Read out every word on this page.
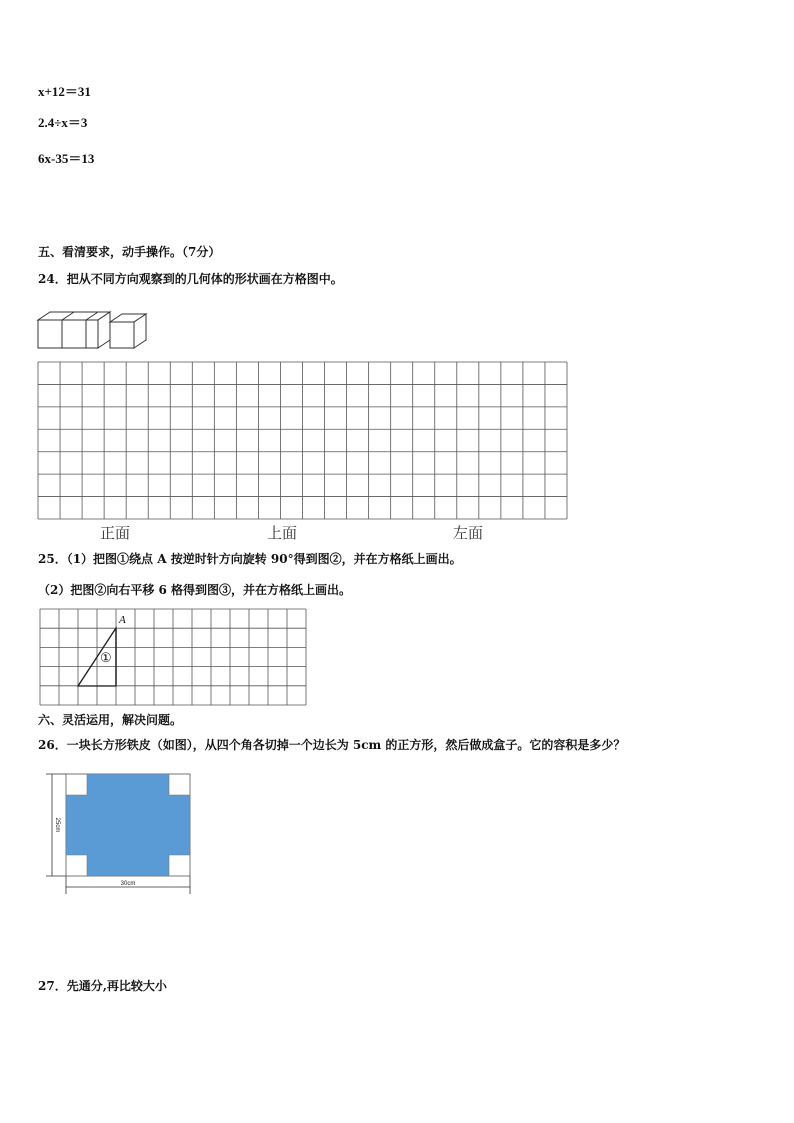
x+12＝31
2.4÷x＝3
6x-35＝13
五、看清要求，动手操作。（7分）
24．把从不同方向观察到的几何体的形状画在方格图中。
正面	上面	左面
25．（1）把图①绕点 A 按逆时针方向旋转 90°得到图②，并在方格纸上画出。
（2）把图②向右平移 6 格得到图③，并在方格纸上画出。
A
①
六、灵活运用，解决问题。
26．一块长方形铁皮（如图），从四个角各切掉一个边长为 5cm 的正方形，然后做成盒子。它的容积是多少？
30cm
25cm
27．先通分,再比较大小
